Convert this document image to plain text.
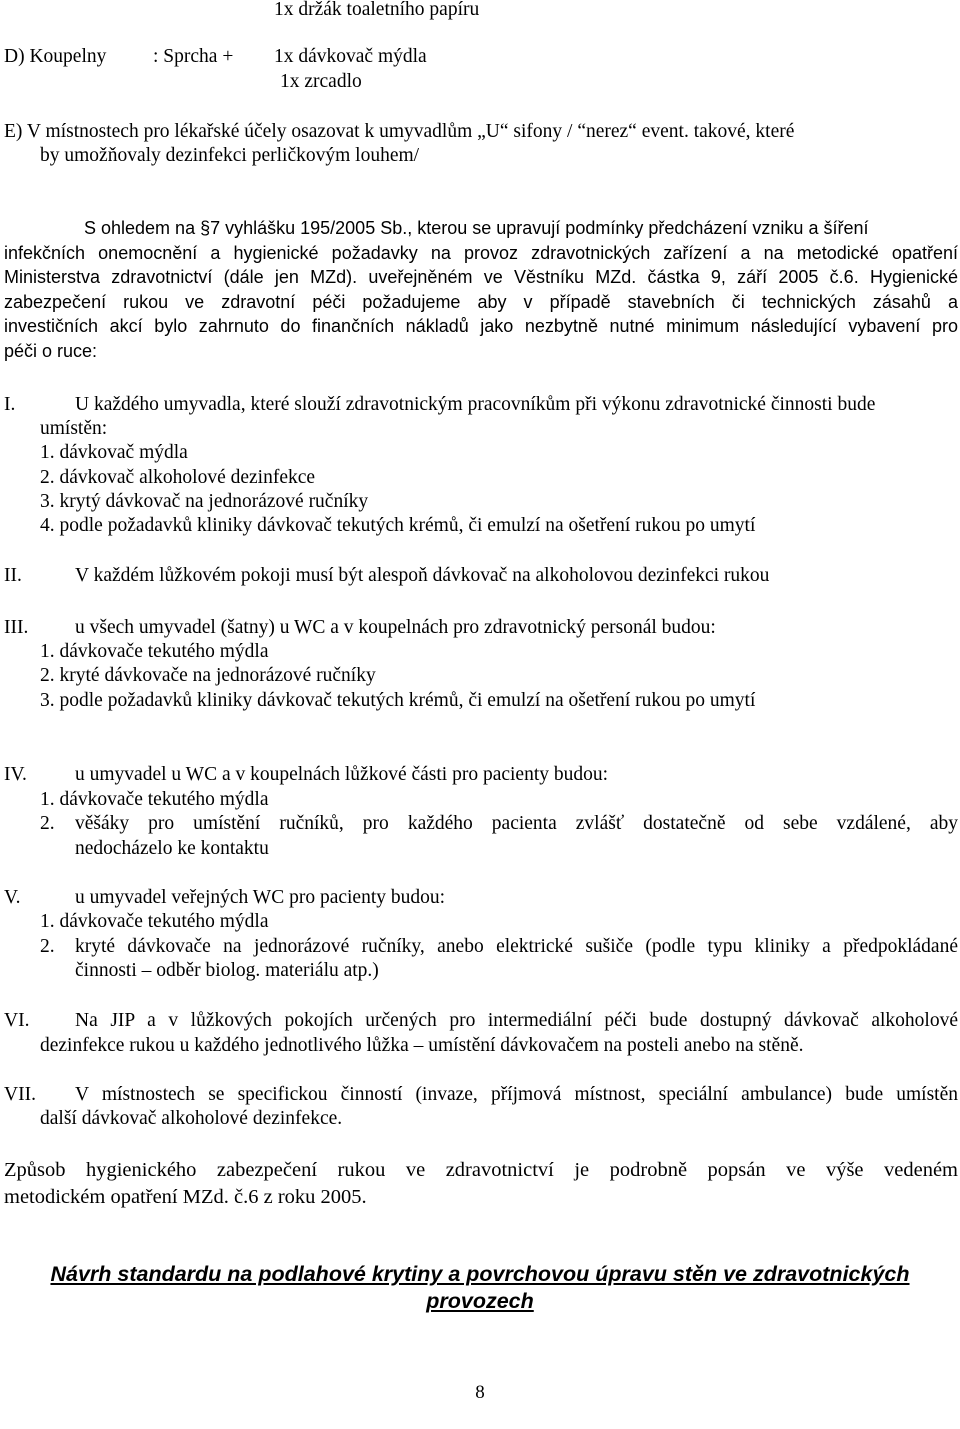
1x držák toaletního papíru
D) Koupelny : Sprcha + 1x dávkovač mýdla
1x zrcadlo
E) V místnostech pro lékařské účely osazovat k umyvadlům „U“ sifony / “nerez“ event. takové, které
by umožňovaly dezinfekci perličkovým louhem/
S ohledem na §7 vyhlášku 195/2005 Sb., kterou se upravují podmínky předcházení vzniku a šíření
infekčních onemocnění a hygienické požadavky na provoz zdravotnických zařízení a na metodické opatření
Ministerstva zdravotnictví (dále jen MZd). uveřejněném ve Věstníku MZd. částka 9, září 2005 č.6. Hygienické
zabezpečení rukou ve zdravotní péči požadujeme aby v případě stavebních či technických zásahů a
investičních akcí bylo zahrnuto do finančních nákladů jako nezbytně nutné minimum následující vybavení pro
péči o ruce:
I.	U každého umyvadla, které slouží zdravotnickým pracovníkům při výkonu zdravotnické činnosti bude
umístěn:
1. dávkovač mýdla
2. dávkovač alkoholové dezinfekce
3. krytý dávkovač na jednorázové ručníky
4. podle požadavků kliniky dávkovač tekutých krémů, či emulzí na ošetření rukou po umytí
II.	V každém lůžkovém pokoji musí být alespoň dávkovač na alkoholovou dezinfekci rukou
III. u všech umyvadel (šatny) u WC a v koupelnách pro zdravotnický personál budou:
1. dávkovače tekutého mýdla
2. kryté dávkovače na jednorázové ručníky
3. podle požadavků kliniky dávkovač tekutých krémů, či emulzí na ošetření rukou po umytí
IV. u umyvadel u WC a v koupelnách lůžkové části pro pacienty budou:
1. dávkovače tekutého mýdla
2. věšáky pro umístění ručníků, pro každého pacienta zvlášť dostatečně od sebe vzdálené, aby
nedocházelo ke kontaktu
V.	u umyvadel veřejných WC pro pacienty budou:
1. dávkovače tekutého mýdla
2. kryté dávkovače na jednorázové ručníky, anebo elektrické sušiče (podle typu kliniky a předpokládané
činnosti – odběr biolog. materiálu atp.)
VI. Na JIP a v lůžkových pokojích určených pro intermediální péči bude dostupný dávkovač alkoholové
dezinfekce rukou u každého jednotlivého lůžka – umístění dávkovačem na posteli anebo na stěně.
VII. V místnostech se specifickou činností (invaze, příjmová místnost, speciální ambulance) bude umístěn
další dávkovač alkoholové dezinfekce.
Způsob hygienického zabezpečení rukou ve zdravotnictví je podrobně popsán ve výše vedeném
metodickém opatření MZd. č.6 z roku 2005.
Návrh standardu na podlahové krytiny a povrchovou úpravu stěn ve zdravotnických
provozech
8
